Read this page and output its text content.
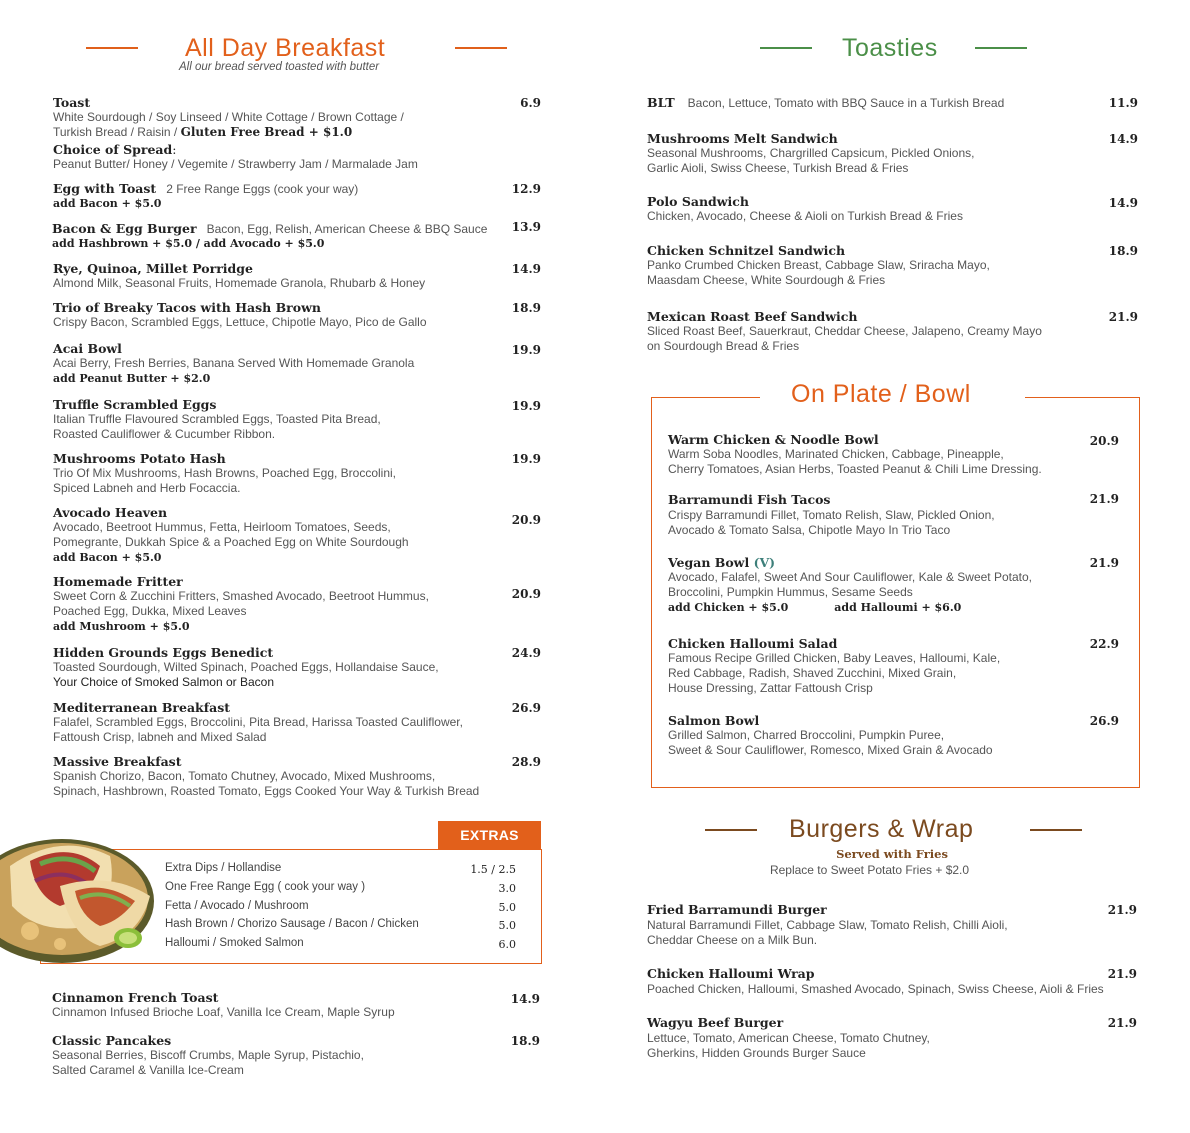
All Day Breakfast
All our bread served toasted with butter
Toast
White Sourdough / Soy Linseed / White Cottage / Brown Cottage /
Turkish Bread / Raisin / Gluten Free Bread + $1.0
Choice of Spread:
Peanut Butter/ Honey / Vegemite / Strawberry Jam / Marmalade Jam
6.9
Egg with Toast 2 Free Range Eggs (cook your way)
add Bacon + $5.0
12.9
Bacon & Egg Burger Bacon, Egg, Relish, American Cheese & BBQ Sauce
add Hashbrown + $5.0 / add Avocado + $5.0
13.9
Rye, Quinoa, Millet Porridge
Almond Milk, Seasonal Fruits, Homemade Granola, Rhubarb & Honey
14.9
Trio of Breaky Tacos with Hash Brown
Crispy Bacon, Scrambled Eggs, Lettuce, Chipotle Mayo, Pico de Gallo
18.9
Acai Bowl
Acai Berry, Fresh Berries, Banana Served With Homemade Granola
add Peanut Butter + $2.0
19.9
Truffle Scrambled Eggs
Italian Truffle Flavoured Scrambled Eggs, Toasted Pita Bread,
Roasted Cauliflower & Cucumber Ribbon.
19.9
Mushrooms Potato Hash
Trio Of Mix Mushrooms, Hash Browns, Poached Egg, Broccolini,
Spiced Labneh and Herb Focaccia.
19.9
Avocado Heaven
Avocado, Beetroot Hummus, Fetta, Heirloom Tomatoes, Seeds,
Pomegrante, Dukkah Spice & a Poached Egg on White Sourdough
add Bacon + $5.0
20.9
Homemade Fritter
Sweet Corn & Zucchini Fritters, Smashed Avocado, Beetroot Hummus,
Poached Egg, Dukka, Mixed Leaves
add Mushroom + $5.0
20.9
Hidden Grounds Eggs Benedict
Toasted Sourdough, Wilted Spinach, Poached Eggs, Hollandaise Sauce,
Your Choice of Smoked Salmon or Bacon
24.9
Mediterranean Breakfast
Falafel, Scrambled Eggs, Broccolini, Pita Bread, Harissa Toasted Cauliflower,
Fattoush Crisp, labneh and Mixed Salad
26.9
Massive Breakfast
Spanish Chorizo, Bacon, Tomato Chutney, Avocado, Mixed Mushrooms,
Spinach, Hashbrown, Roasted Tomato, Eggs Cooked Your Way & Turkish Bread
28.9
EXTRAS
Extra Dips / Hollandise	1.5 / 2.5
One Free Range Egg ( cook your way )	3.0
Fetta / Avocado / Mushroom	5.0
Hash Brown / Chorizo Sausage / Bacon / Chicken	5.0
Halloumi / Smoked Salmon	6.0
Cinnamon French Toast
Cinnamon Infused Brioche Loaf, Vanilla Ice Cream, Maple Syrup
14.9
Classic Pancakes
Seasonal Berries, Biscoff Crumbs, Maple Syrup, Pistachio,
Salted Caramel & Vanilla Ice-Cream
18.9
Toasties
BLT Bacon, Lettuce, Tomato with BBQ Sauce in a Turkish Bread	11.9
Mushrooms Melt Sandwich
Seasonal Mushrooms, Chargrilled Capsicum, Pickled Onions,
Garlic Aioli, Swiss Cheese, Turkish Bread & Fries
14.9
Polo Sandwich
Chicken, Avocado, Cheese & Aioli on Turkish Bread & Fries
14.9
Chicken Schnitzel Sandwich
Panko Crumbed Chicken Breast, Cabbage Slaw, Sriracha Mayo,
Maasdam Cheese, White Sourdough & Fries
18.9
Mexican Roast Beef Sandwich
Sliced Roast Beef, Sauerkraut, Cheddar Cheese, Jalapeno, Creamy Mayo
on Sourdough Bread & Fries
21.9
On Plate / Bowl
Warm Chicken & Noodle Bowl
Warm Soba Noodles, Marinated Chicken, Cabbage, Pineapple,
Cherry Tomatoes, Asian Herbs, Toasted Peanut & Chili Lime Dressing.
20.9
Barramundi Fish Tacos
Crispy Barramundi Fillet, Tomato Relish, Slaw, Pickled Onion,
Avocado & Tomato Salsa, Chipotle Mayo In Trio Taco
21.9
Vegan Bowl (V)
Avocado, Falafel, Sweet And Sour Cauliflower, Kale & Sweet Potato,
Broccolini, Pumpkin Hummus, Sesame Seeds
add Chicken + $5.0	add Halloumi + $6.0
21.9
Chicken Halloumi Salad
Famous Recipe Grilled Chicken, Baby Leaves, Halloumi, Kale,
Red Cabbage, Radish, Shaved Zucchini, Mixed Grain,
House Dressing, Zattar Fattoush Crisp
22.9
Salmon Bowl
Grilled Salmon, Charred Broccolini, Pumpkin Puree,
Sweet & Sour Cauliflower, Romesco, Mixed Grain & Avocado
26.9
Burgers & Wrap
Served with Fries
Replace to Sweet Potato Fries + $2.0
Fried Barramundi Burger
Natural Barramundi Fillet, Cabbage Slaw, Tomato Relish, Chilli Aioli,
Cheddar Cheese on a Milk Bun.
21.9
Chicken Halloumi Wrap
Poached Chicken, Halloumi, Smashed Avocado, Spinach, Swiss Cheese, Aioli & Fries
21.9
Wagyu Beef Burger
Lettuce, Tomato, American Cheese, Tomato Chutney,
Gherkins, Hidden Grounds Burger Sauce
21.9
